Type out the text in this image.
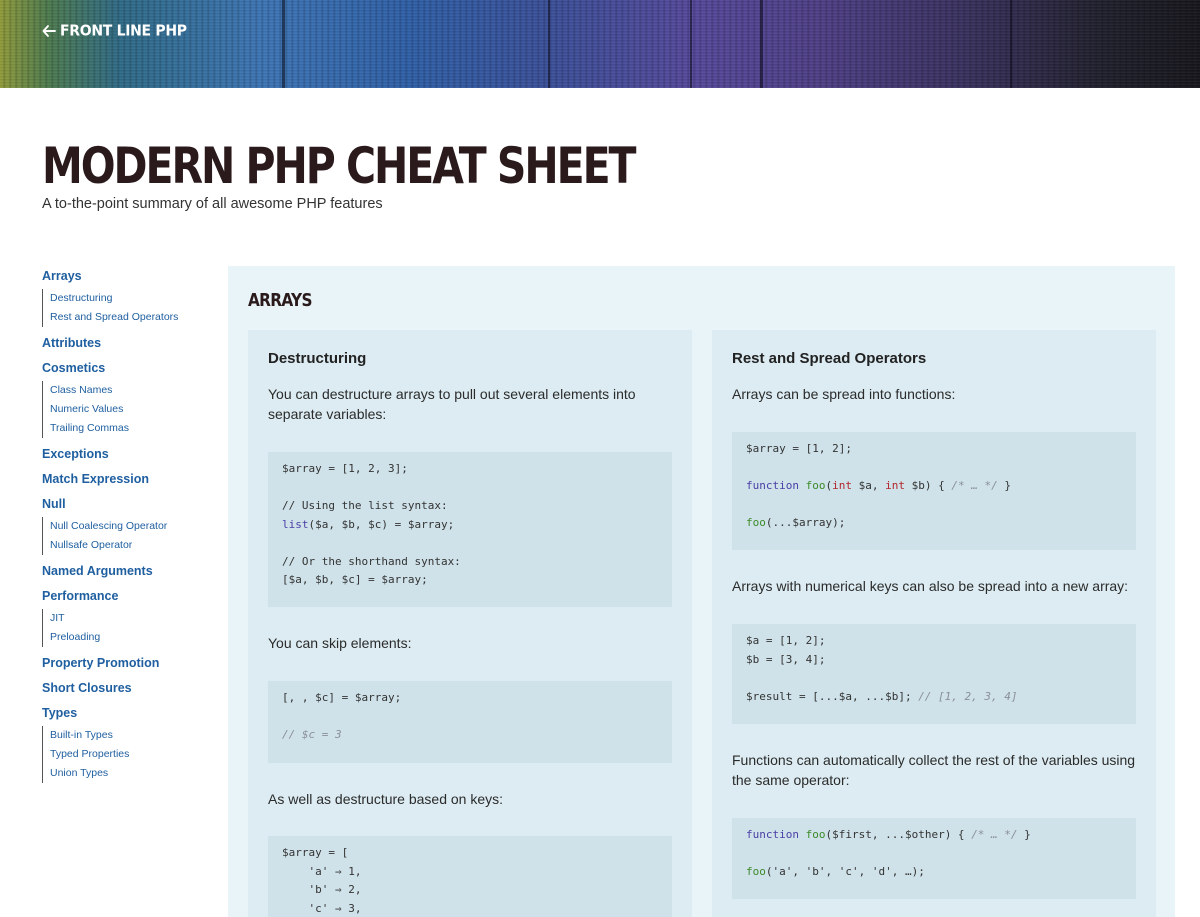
FRONT LINE PHP
MODERN PHP CHEAT SHEET

A to-the-point summary of all awesome PHP features

Arrays
Destructuring
Rest and Spread Operators
Attributes
Cosmetics
Class Names
Numeric Values
Trailing Commas
Exceptions
Match Expression
Null
Null Coalescing Operator
Nullsafe Operator
Named Arguments
Performance
JIT
Preloading
Property Promotion
Short Closures
Types
Built-in Types
Typed Properties
Union Types
ARRAYS
Destructuring

You can destructure arrays to pull out several elements into separate variables:

$array = [1, 2, 3];
// Using the list syntax:
list($a, $b, $c) = $array;
// Or the shorthand syntax:
[$a, $b, $c] = $array;

You can skip elements:

[, , $c] = $array;
// $c = 3

As well as destructure based on keys:

$array = [
'a' ⇒ 1,
'b' ⇒ 2,
'c' ⇒ 3,
Rest and Spread Operators

Arrays can be spread into functions:

$array = [1, 2];
function foo(int $a, int $b) { /* … */ }
foo(...$array);

Arrays with numerical keys can also be spread into a new array:

$a = [1, 2];
$b = [3, 4];
$result = [...$a, ...$b]; // [1, 2, 3, 4]

Functions can automatically collect the rest of the variables using the same operator:

function foo($first, ...$other) { /* … */ }
foo('a', 'b', 'c', 'd', …);
